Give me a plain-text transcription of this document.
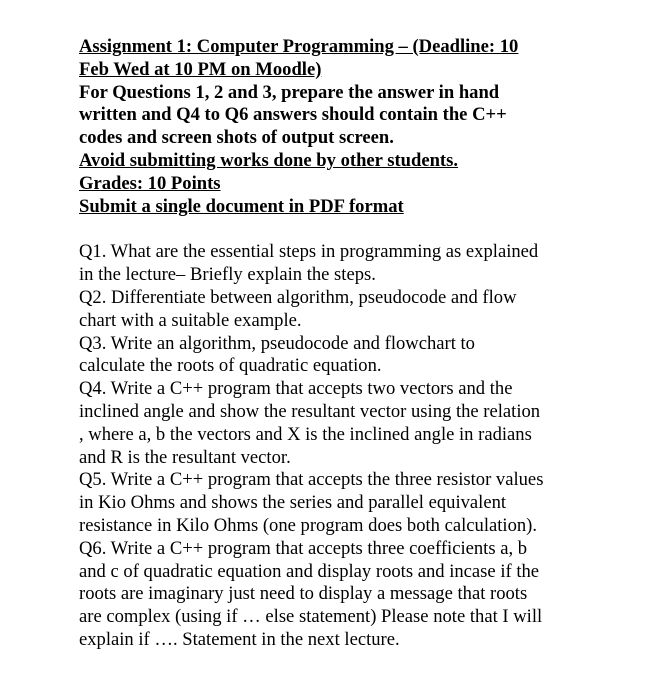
Assignment 1: Computer Programming – (Deadline: 10
Feb Wed at 10 PM on Moodle)
For Questions 1, 2 and 3, prepare the answer in hand
written and Q4 to Q6 answers should contain the C++
codes and screen shots of output screen.
Avoid submitting works done by other students.
Grades: 10 Points
Submit a single document in PDF format
Q1. What are the essential steps in programming as explained
in the lecture– Briefly explain the steps.
Q2. Differentiate between algorithm, pseudocode and flow
chart with a suitable example.
Q3. Write an algorithm, pseudocode and flowchart to
calculate the roots of quadratic equation.
Q4. Write a C++ program that accepts two vectors and the
inclined angle and show the resultant vector using the relation
, where a, b the vectors and X is the inclined angle in radians
and R is the resultant vector.
Q5. Write a C++ program that accepts the three resistor values
in Kio Ohms and shows the series and parallel equivalent
resistance in Kilo Ohms (one program does both calculation).
Q6. Write a C++ program that accepts three coefficients a, b
and c of quadratic equation and display roots and incase if the
roots are imaginary just need to display a message that roots
are complex (using if … else statement) Please note that I will
explain if …. Statement in the next lecture.
